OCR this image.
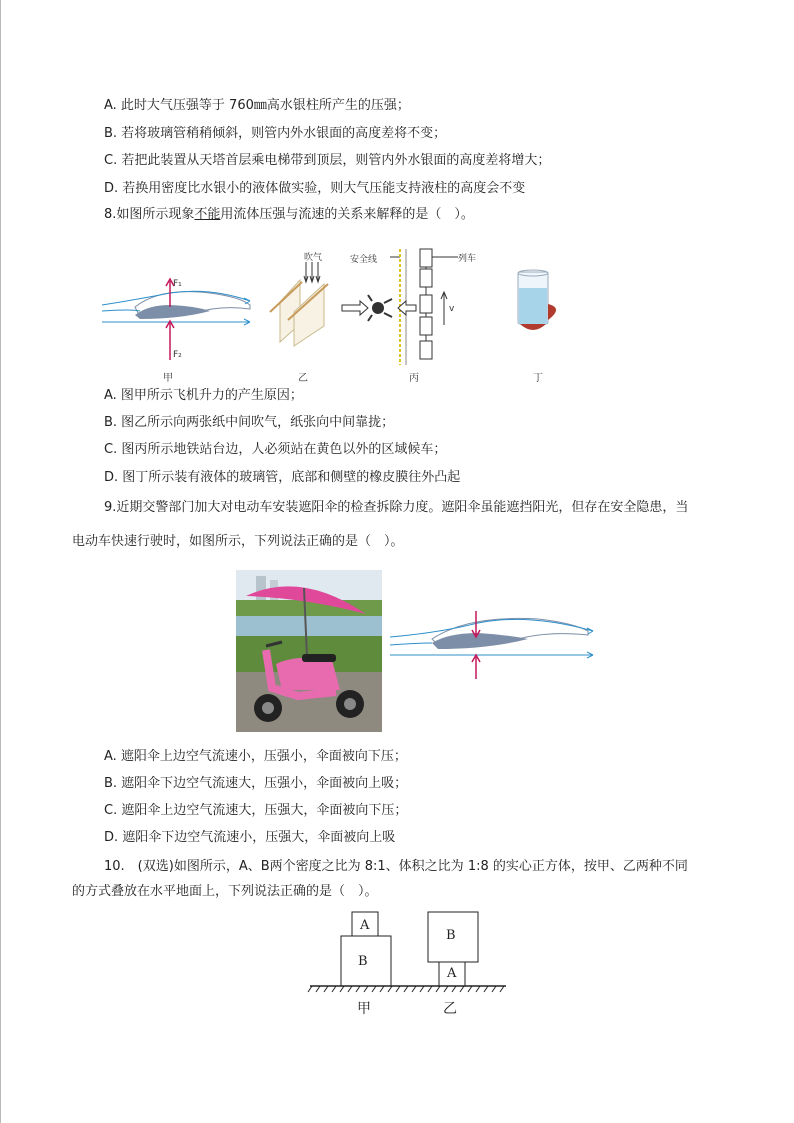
A. 此时大气压强等于 760㎜高水银柱所产生的压强；
B. 若将玻璃管稍稍倾斜，则管内外水银面的高度差将不变；
C. 若把此装置从天塔首层乘电梯带到顶层，则管内外水银面的高度差将增大；
D. 若换用密度比水银小的液体做实验，则大气压能支持液柱的高度会不变
8.如图所示现象不能用流体压强与流速的关系来解释的是（　）。
F₁
F₂
甲
吹气
乙
安全线	列车
v
丙	丁
A. 图甲所示飞机升力的产生原因；
B. 图乙所示向两张纸中间吹气，纸张向中间靠拢；
C. 图丙所示地铁站台边，人必须站在黄色以外的区域候车；
D. 图丁所示装有液体的玻璃管，底部和侧壁的橡皮膜往外凸起
9.近期交警部门加大对电动车安装遮阳伞的检查拆除力度。遮阳伞虽能遮挡阳光，但存在安全隐患，当
电动车快速行驶时，如图所示，下列说法正确的是（　）。
A. 遮阳伞上边空气流速小，压强小，伞面被向下压；
B. 遮阳伞下边空气流速大，压强小，伞面被向上吸；
C. 遮阳伞上边空气流速大，压强大，伞面被向下压；
D. 遮阳伞下边空气流速小，压强大，伞面被向上吸
10.　(双选)如图所示，A、B两个密度之比为 8:1、体积之比为 1:8 的实心正方体，按甲、乙两种不同
的方式叠放在水平地面上，下列说法正确的是（　）。
A
B
B
A
甲	乙
